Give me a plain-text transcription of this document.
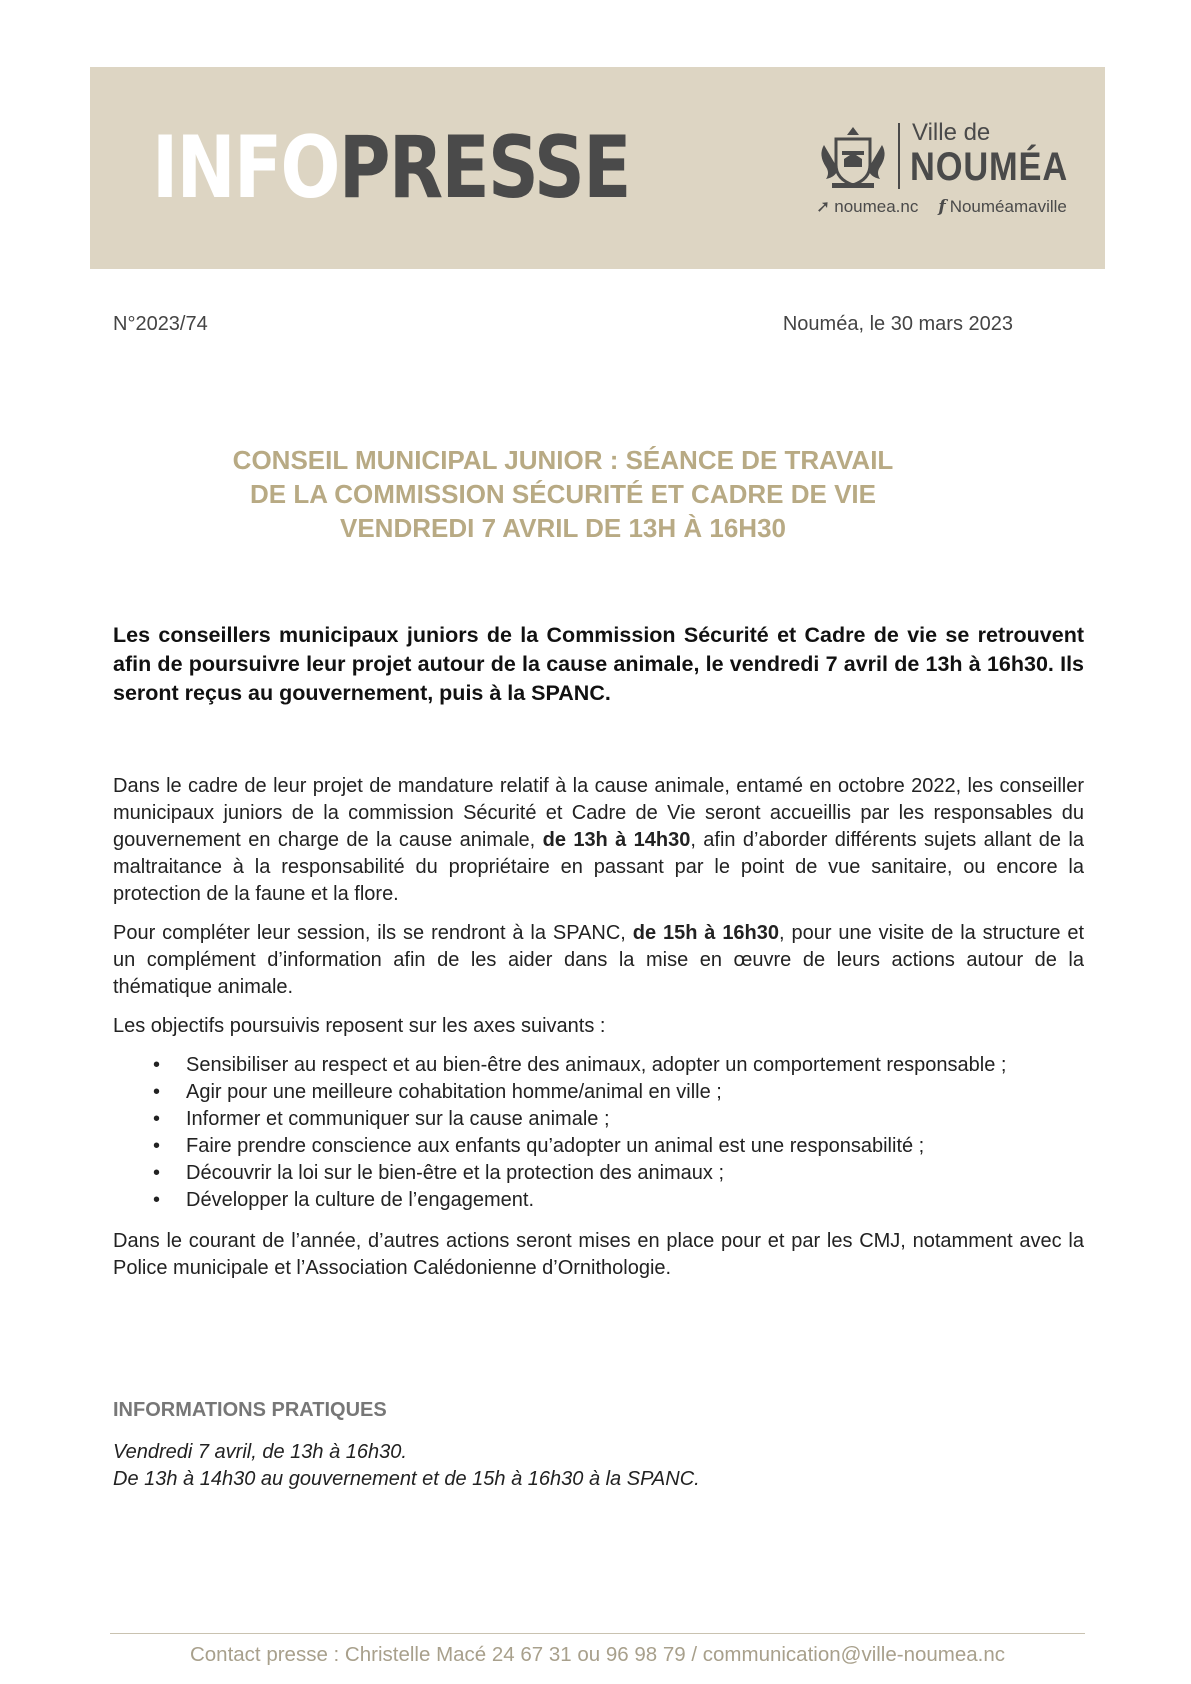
INFOPRESSE	Ville de
NOUMÉA
➚ noumea.nc f Nouméamaville
N°2023/74	Nouméa, le 30 mars 2023
CONSEIL MUNICIPAL JUNIOR : SÉANCE DE TRAVAIL
DE LA COMMISSION SÉCURITÉ ET CADRE DE VIE
VENDREDI 7 AVRIL DE 13H À 16H30
Les conseillers municipaux juniors de la Commission Sécurité et Cadre de vie se retrouvent afin de poursuivre leur projet autour de la cause animale, le vendredi 7 avril de 13h à 16h30. Ils seront reçus au gouvernement, puis à la SPANC.

Dans le cadre de leur projet de mandature relatif à la cause animale, entamé en octobre 2022, les conseiller municipaux juniors de la commission Sécurité et Cadre de Vie seront accueillis par les responsables du gouvernement en charge de la cause animale, de 13h à 14h30, afin d’aborder différents sujets allant de la maltraitance à la responsabilité du propriétaire en passant par le point de vue sanitaire, ou encore la protection de la faune et la flore.

Pour compléter leur session, ils se rendront à la SPANC, de 15h à 16h30, pour une visite de la structure et un complément d’information afin de les aider dans la mise en œuvre de leurs actions autour de la thématique animale.

Les objectifs poursuivis reposent sur les axes suivants :

• Sensibiliser au respect et au bien-être des animaux, adopter un comportement responsable ;
• Agir pour une meilleure cohabitation homme/animal en ville ;
• Informer et communiquer sur la cause animale ;
• Faire prendre conscience aux enfants qu’adopter un animal est une responsabilité ;
• Découvrir la loi sur le bien-être et la protection des animaux ;
• Développer la culture de l’engagement.

Dans le courant de l’année, d’autres actions seront mises en place pour et par les CMJ, notamment avec la Police municipale et l’Association Calédonienne d’Ornithologie.

INFORMATIONS PRATIQUES
Vendredi 7 avril, de 13h à 16h30.
De 13h à 14h30 au gouvernement et de 15h à 16h30 à la SPANC.
Contact presse : Christelle Macé 24 67 31 ou 96 98 79 / communication@ville-noumea.nc
